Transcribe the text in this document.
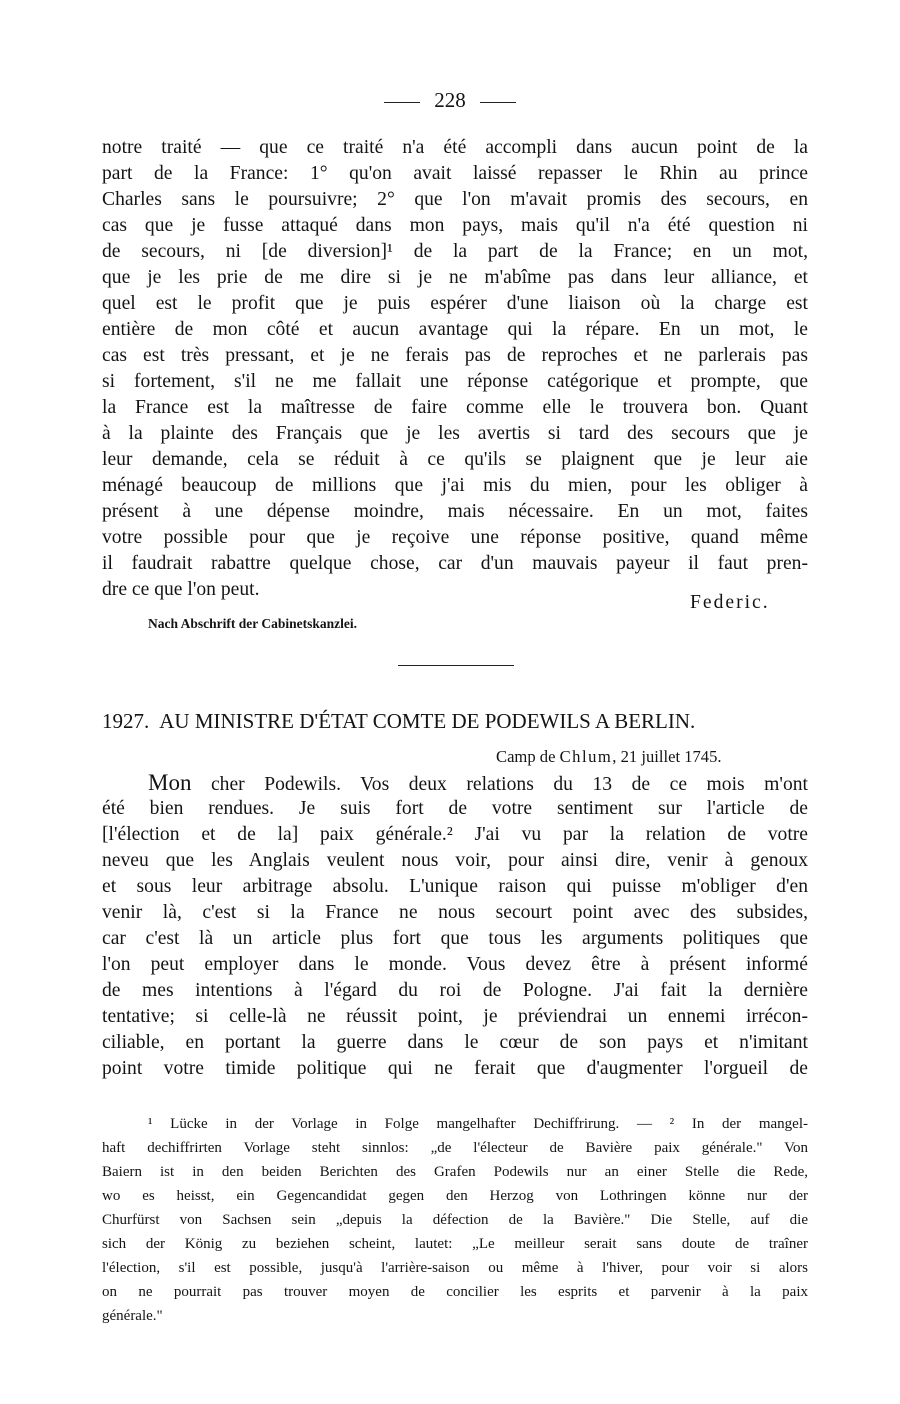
228
notre traité — que ce traité n'a été accompli dans aucun point de la
part de la France: 1° qu'on avait laissé repasser le Rhin au prince
Charles sans le poursuivre; 2° que l'on m'avait promis des secours, en
cas que je fusse attaqué dans mon pays, mais qu'il n'a été question ni
de secours, ni [de diversion]¹ de la part de la France; en un mot,
que je les prie de me dire si je ne m'abîme pas dans leur alliance, et
quel est le profit que je puis espérer d'une liaison où la charge est
entière de mon côté et aucun avantage qui la répare. En un mot, le
cas est très pressant, et je ne ferais pas de reproches et ne parlerais pas
si fortement, s'il ne me fallait une réponse catégorique et prompte, que
la France est la maîtresse de faire comme elle le trouvera bon. Quant
à la plainte des Français que je les avertis si tard des secours que je
leur demande, cela se réduit à ce qu'ils se plaignent que je leur aie
ménagé beaucoup de millions que j'ai mis du mien, pour les obliger à
présent à une dépense moindre, mais nécessaire. En un mot, faites
votre possible pour que je reçoive une réponse positive, quand même
il faudrait rabattre quelque chose, car d'un mauvais payeur il faut pren-
dre ce que l'on peut.
Federic.
Nach Abschrift der Cabinetskanzlei.
1927. AU MINISTRE D'ÉTAT COMTE DE PODEWILS A BERLIN.
Camp de Chlum, 21 juillet 1745.
Mon cher Podewils. Vos deux relations du 13 de ce mois m'ont
été bien rendues. Je suis fort de votre sentiment sur l'article de
[l'élection et de la] paix générale.² J'ai vu par la relation de votre
neveu que les Anglais veulent nous voir, pour ainsi dire, venir à genoux
et sous leur arbitrage absolu. L'unique raison qui puisse m'obliger d'en
venir là, c'est si la France ne nous secourt point avec des subsides,
car c'est là un article plus fort que tous les arguments politiques que
l'on peut employer dans le monde. Vous devez être à présent informé
de mes intentions à l'égard du roi de Pologne. J'ai fait la dernière
tentative; si celle-là ne réussit point, je préviendrai un ennemi irrécon-
ciliable, en portant la guerre dans le cœur de son pays et n'imitant
point votre timide politique qui ne ferait que d'augmenter l'orgueil de
¹ Lücke in der Vorlage in Folge mangelhafter Dechiffrirung. — ² In der mangel-
haft dechiffrirten Vorlage steht sinnlos: „de l'électeur de Bavière paix générale." Von
Baiern ist in den beiden Berichten des Grafen Podewils nur an einer Stelle die Rede,
wo es heisst, ein Gegencandidat gegen den Herzog von Lothringen könne nur der
Churfürst von Sachsen sein „depuis la défection de la Bavière." Die Stelle, auf die
sich der König zu beziehen scheint, lautet: „Le meilleur serait sans doute de traîner
l'élection, s'il est possible, jusqu'à l'arrière-saison ou même à l'hiver, pour voir si alors
on ne pourrait pas trouver moyen de concilier les esprits et parvenir à la paix
générale."
